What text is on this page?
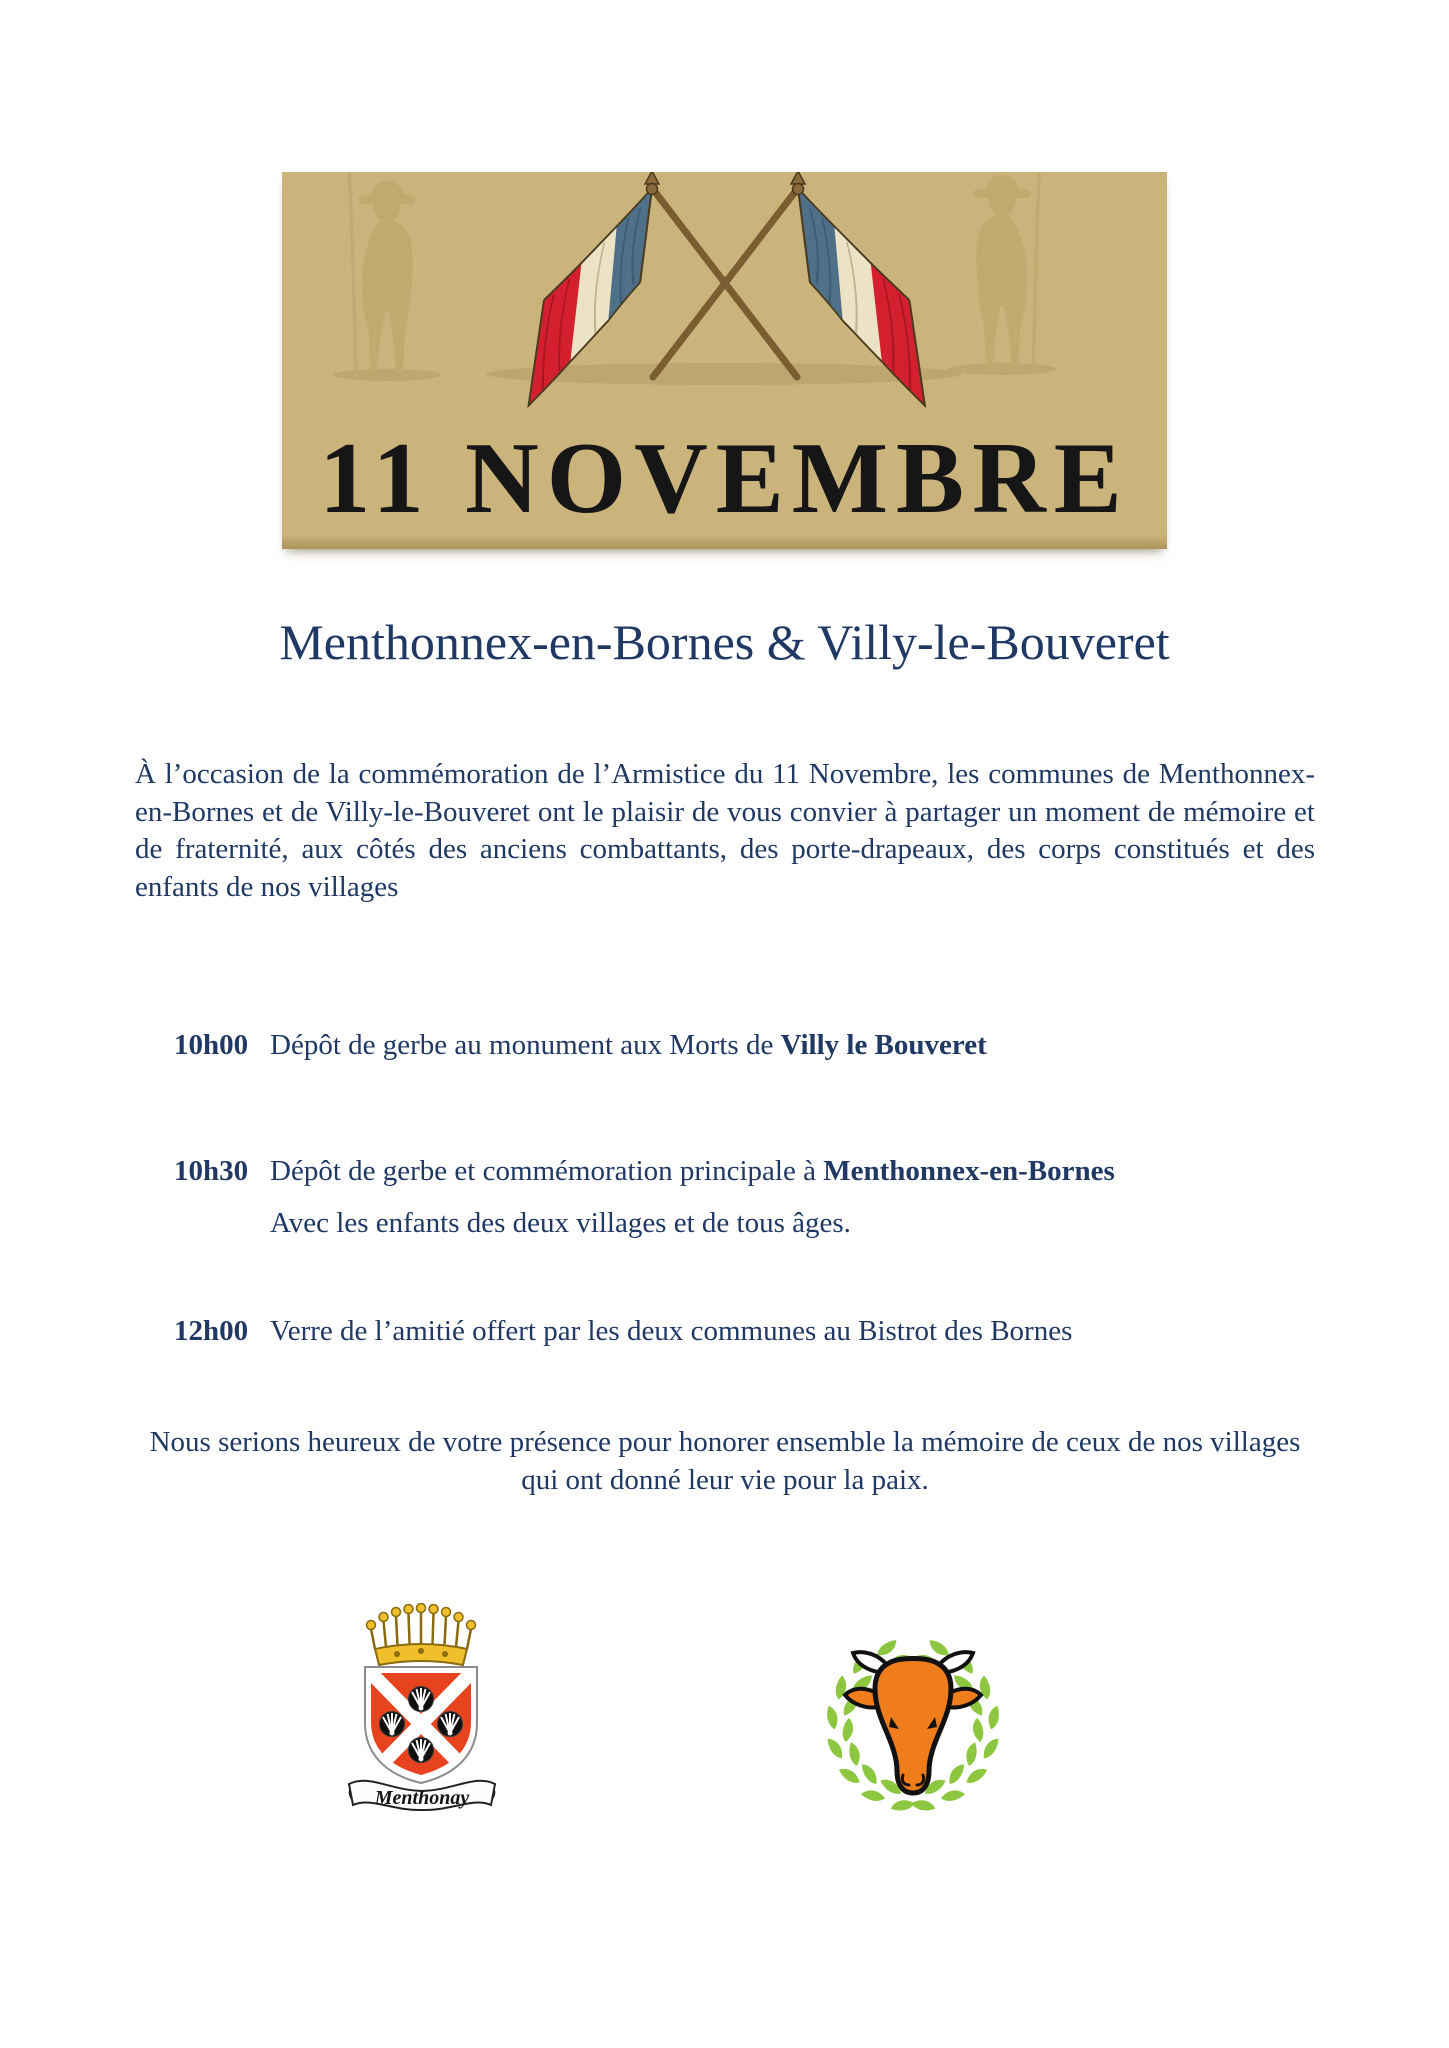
11 NOVEMBRE
Menthonnex-en-Bornes & Villy-le-Bouveret
À l’occasion de la commémoration de l’Armistice du 11 Novembre, les communes de Menthonnex-en-Bornes et de Villy-le-Bouveret ont le plaisir de vous convier à partager un moment de mémoire et de fraternité, aux côtés des anciens combattants, des porte-drapeaux, des corps constitués et des enfants de nos villages
10h00 Dépôt de gerbe au monument aux Morts de Villy le Bouveret
10h30 Dépôt de gerbe et commémoration principale à Menthonnex-en-Bornes
Avec les enfants des deux villages et de tous âges.
12h00 Verre de l’amitié offert par les deux communes au Bistrot des Bornes
Nous serions heureux de votre présence pour honorer ensemble la mémoire de ceux de nos villages qui ont donné leur vie pour la paix.
Menthonay
